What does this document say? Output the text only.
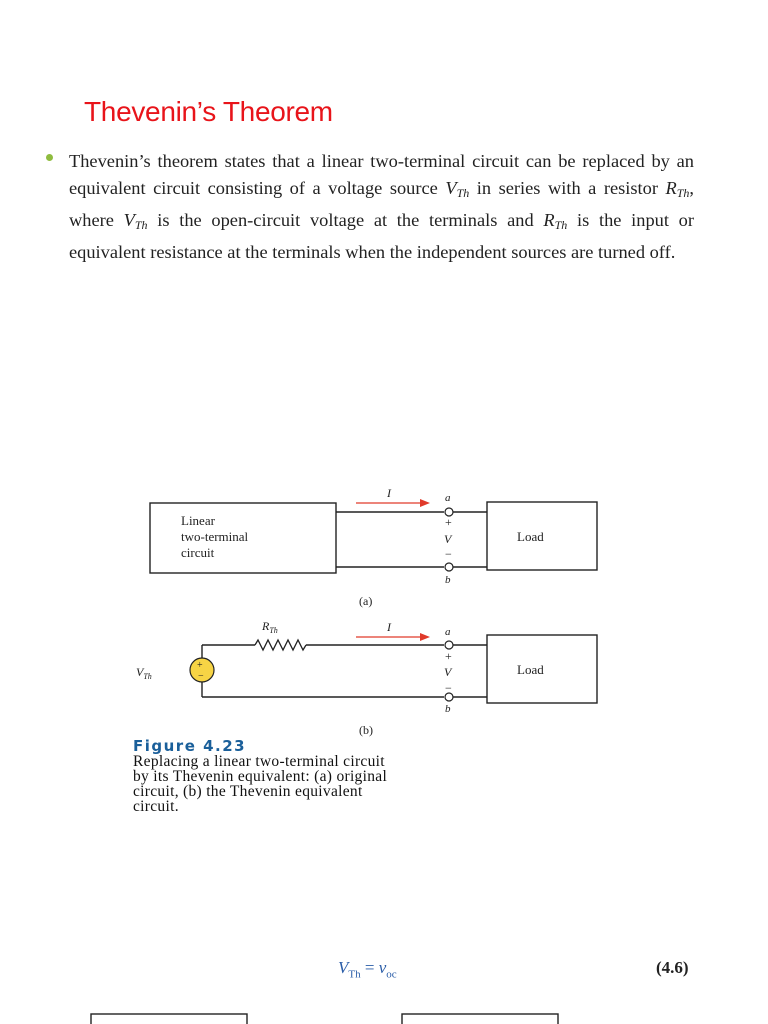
Thevenin’s Theorem
Thevenin’s theorem states that a linear two-terminal circuit can be replaced by an equivalent circuit consisting of a voltage source $V_{Th}$ in series with a resistor $R_{Th}$, where $V_{Th}$ is the open-circuit voltage at the terminals and $R_{Th}$ is the input or equivalent resistance at the terminals when the independent sources are turned off.
Linear
two-terminal
circuit
I	a
+
V
−
b
Load
(a)
$R_{Th}$
+
−
$V_{Th}$
I	a
+
V
−
b
Load
(b)
Figure 4.23
Replacing a linear two-terminal circuit
by its Thevenin equivalent: (a) original
circuit, (b) the Thevenin equivalent
circuit.
$V_{Th} = v_{oc}$	(4.6)
